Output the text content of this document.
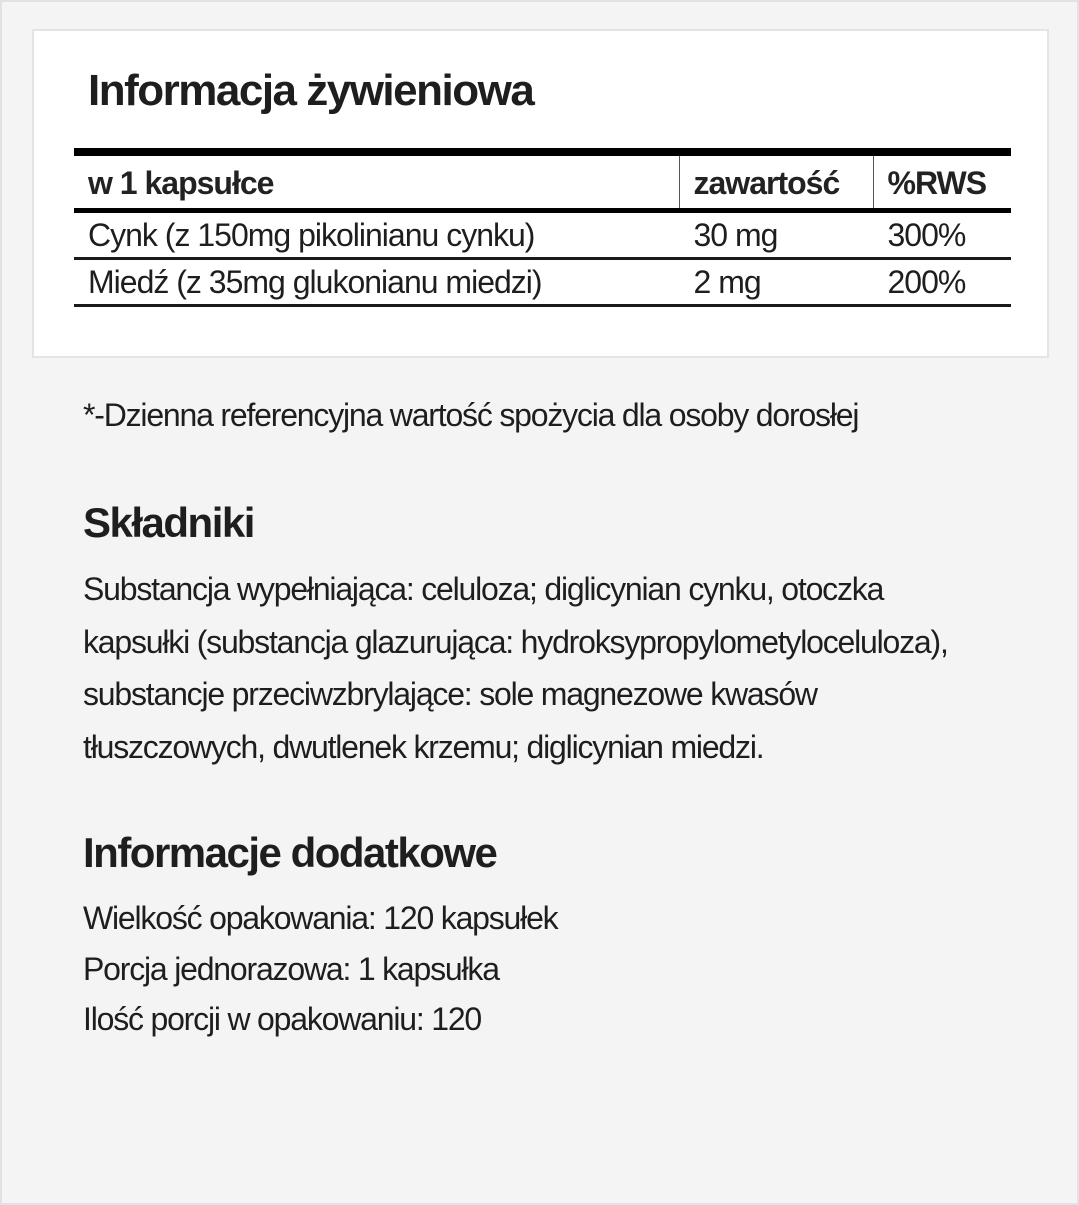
Informacja żywieniowa
w 1 kapsułce	zawartość	%RWS
Cynk (z 150mg pikolinianu cynku)	30 mg	300%
Miedź (z 35mg glukonianu miedzi)	2 mg	200%

*-Dzienna referencyjna wartość spożycia dla osoby dorosłej

Składniki

Substancja wypełniająca: celuloza; diglicynian cynku, otoczka kapsułki (substancja glazurująca: hydroksypropylometyloceluloza), substancje przeciwzbrylające: sole magnezowe kwasów tłuszczowych, dwutlenek krzemu; diglicynian miedzi.

Informacje dodatkowe
Wielkość opakowania: 120 kapsułek
Porcja jednorazowa: 1 kapsułka
Ilość porcji w opakowaniu: 120
